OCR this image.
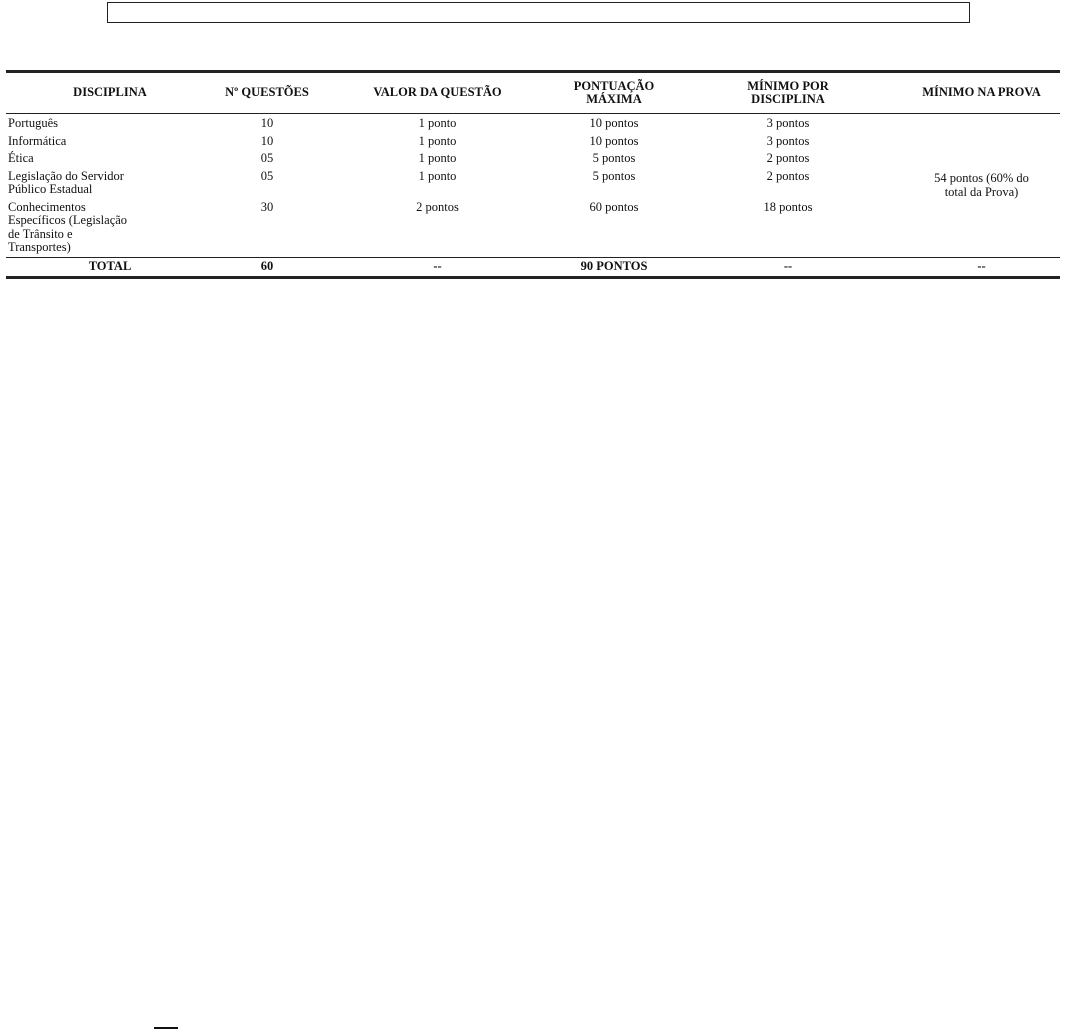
DISCIPLINA	Nº QUESTÕES	VALOR DA QUESTÃO	PONTUAÇÃO MÁXIMA	MÍNIMO POR DISCIPLINA	MÍNIMO NA PROVA
Português	10	1 ponto	10 pontos	3 pontos	54 pontos (60% do total da Prova)

Informática	10	1 ponto	10 pontos	3 pontos	
Ética	05	1 ponto	5 pontos	2 pontos	

Legislação do Servidor Público Estadual	05	1 ponto	5 pontos	2 pontos	

Conhecimentos Específicos (Legislação de Trânsito e Transportes)	30	2 pontos	60 pontos	18 pontos	
TOTAL	60	--	90 PONTOS	--	--
